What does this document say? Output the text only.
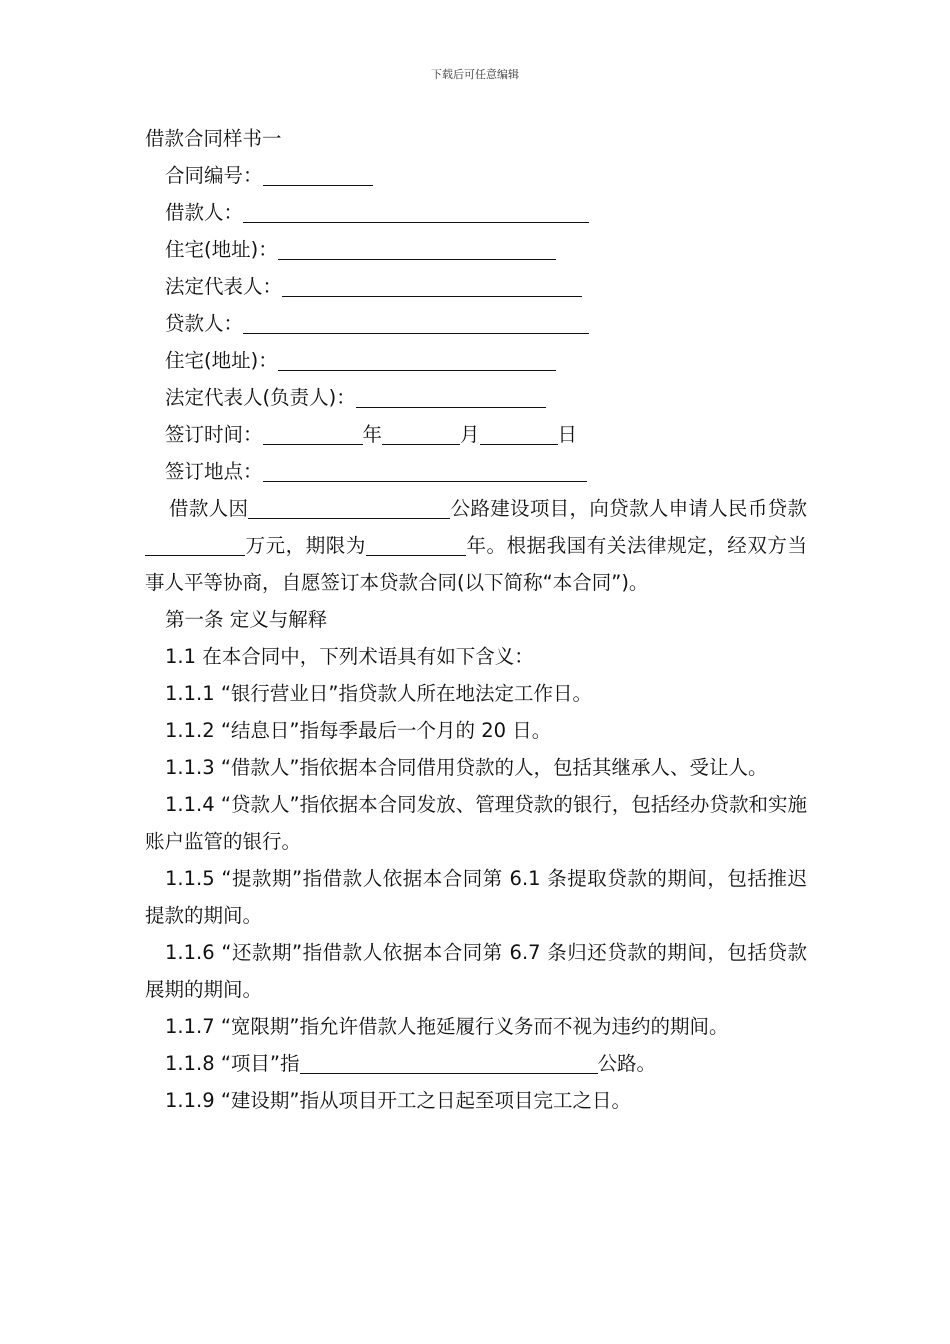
下载后可任意编辑
借款合同样书一
合同编号：
借款人：
住宅(地址)：
法定代表人：
贷款人：
住宅(地址)：
法定代表人(负责人)：
签订时间：	年	月	日
签订地点：
借款人因	公路建设项目，向贷款人申请人民币贷款万元，期限为	年。根据我国有关法律规定，经双方当事人平等协商，自愿签订本贷款合同(以下简称“本合同”)。
第一条 定义与解释
1.1 在本合同中，下列术语具有如下含义：
1.1.1 “银行营业日”指贷款人所在地法定工作日。
1.1.2 “结息日”指每季最后一个月的 20 日。
1.1.3 “借款人”指依据本合同借用贷款的人，包括其继承人、受让人。
1.1.4 “贷款人”指依据本合同发放、管理贷款的银行，包括经办贷款和实施账户监管的银行。
1.1.5 “提款期”指借款人依据本合同第 6.1 条提取贷款的期间，包括推迟提款的期间。
1.1.6 “还款期”指借款人依据本合同第 6.7 条归还贷款的期间，包括贷款展期的期间。
1.1.7 “宽限期”指允许借款人拖延履行义务而不视为违约的期间。
1.1.8 “项目”指	公路。
1.1.9 “建设期”指从项目开工之日起至项目完工之日。
